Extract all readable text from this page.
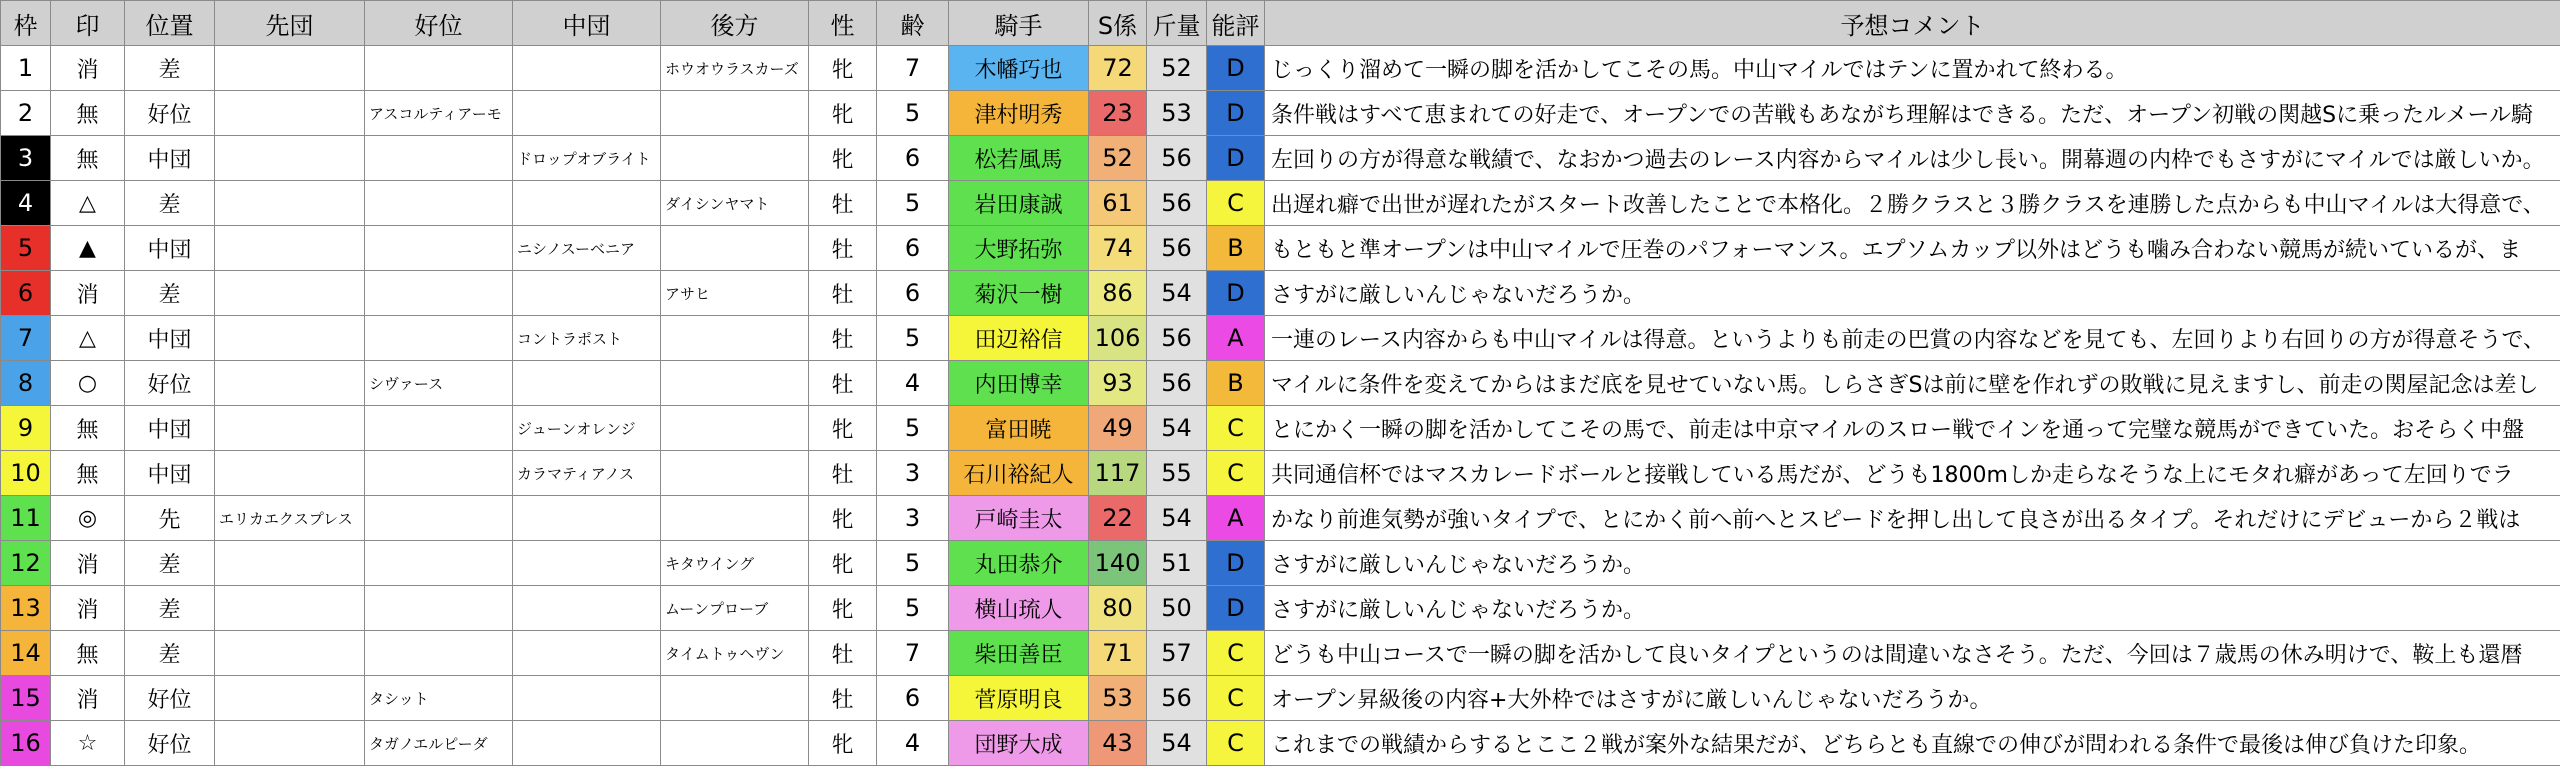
枠	印	位置	先団	好位	中団	後方	性	齢	騎手	S係	斤量	能評	予想コメント
1	消	差				ホウオウラスカーズ	牝	7	木幡巧也	72	52	D	じっくり溜めて一瞬の脚を活かしてこその馬。中山マイルではテンに置かれて終わる。
2	無	好位		アスコルティアーモ			牝	5	津村明秀	23	53	D	条件戦はすべて恵まれての好走で、オープンでの苦戦もあながち理解はできる。ただ、オープン初戦の関越Sに乗ったルメール騎
3	無	中団			ドロップオブライト		牝	6	松若風馬	52	56	D	左回りの方が得意な戦績で、なおかつ過去のレース内容からマイルは少し長い。開幕週の内枠でもさすがにマイルでは厳しいか。
4	△	差				ダイシンヤマト	牡	5	岩田康誠	61	56	C	出遅れ癖で出世が遅れたがスタート改善したことで本格化。２勝クラスと３勝クラスを連勝した点からも中山マイルは大得意で、
5	▲	中団			ニシノスーベニア		牡	6	大野拓弥	74	56	B	もともと準オープンは中山マイルで圧巻のパフォーマンス。エプソムカップ以外はどうも噛み合わない競馬が続いているが、ま
6	消	差				アサヒ	牡	6	菊沢一樹	86	54	D	さすがに厳しいんじゃないだろうか。
7	△	中団			コントラポスト		牡	5	田辺裕信	106	56	A	一連のレース内容からも中山マイルは得意。というよりも前走の巴賞の内容などを見ても、左回りより右回りの方が得意そうで、
8	○	好位		シヴァース			牡	4	内田博幸	93	56	B	マイルに条件を変えてからはまだ底を見せていない馬。しらさぎSは前に壁を作れずの敗戦に見えますし、前走の関屋記念は差し
9	無	中団			ジューンオレンジ		牝	5	富田暁	49	54	C	とにかく一瞬の脚を活かしてこその馬で、前走は中京マイルのスロー戦でインを通って完璧な競馬ができていた。おそらく中盤
10	無	中団			カラマティアノス		牡	3	石川裕紀人	117	55	C	共同通信杯ではマスカレードボールと接戦している馬だが、どうも1800mしか走らなそうな上にモタれ癖があって左回りでラ
11	◎	先	エリカエクスプレス				牝	3	戸崎圭太	22	54	A	かなり前進気勢が強いタイプで、とにかく前へ前へとスピードを押し出して良さが出るタイプ。それだけにデビューから２戦は
12	消	差				キタウイング	牝	5	丸田恭介	140	51	D	さすがに厳しいんじゃないだろうか。
13	消	差				ムーンプローブ	牝	5	横山琉人	80	50	D	さすがに厳しいんじゃないだろうか。
14	無	差				タイムトゥヘヴン	牡	7	柴田善臣	71	57	C	どうも中山コースで一瞬の脚を活かして良いタイプというのは間違いなさそう。ただ、今回は７歳馬の休み明けで、鞍上も還暦
15	消	好位		タシット			牡	6	菅原明良	53	56	C	オープン昇級後の内容+大外枠ではさすがに厳しいんじゃないだろうか。
16	☆	好位		タガノエルピーダ			牝	4	団野大成	43	54	C	これまでの戦績からするとここ２戦が案外な結果だが、どちらとも直線での伸びが問われる条件で最後は伸び負けた印象。
